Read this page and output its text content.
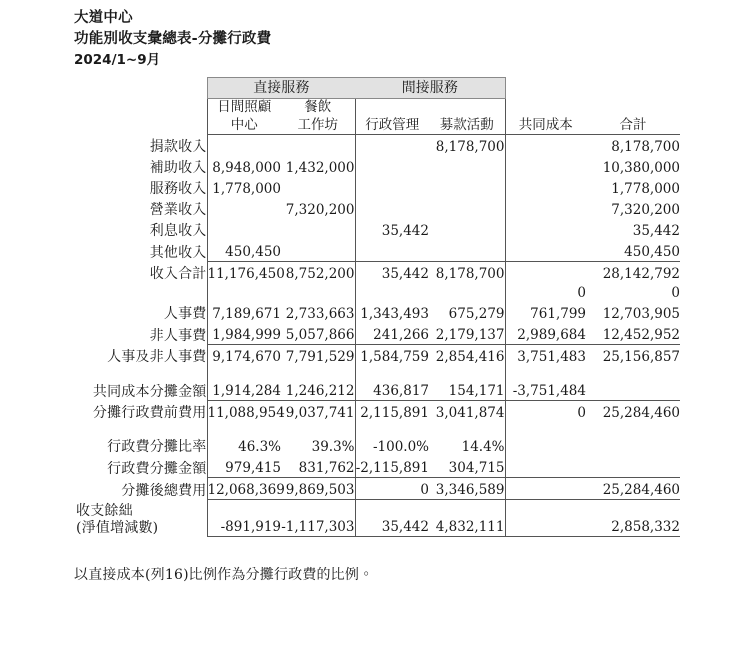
大道中心
功能別收支彙總表-分攤行政費
2024/1~9月
	直接服務		間接服務			
	日間照顧	餐飲				
	中心	工作坊	行政管理	募款活動	共同成本	合計
捐款收入				8,178,700		8,178,700
補助收入	8,948,000	1,432,000				10,380,000
服務收入	1,778,000					1,778,000
營業收入		7,320,200				7,320,200
利息收入			35,442			35,442
其他收入	450,450					450,450
收入合計	11,176,450	8,752,200	35,442	8,178,700		28,142,792
					0	0
人事費	7,189,671	2,733,663	1,343,493	675,279	761,799	12,703,905
非人事費	1,984,999	5,057,866	241,266	2,179,137	2,989,684	12,452,952
人事及非人事費	9,174,670	7,791,529	1,584,759	2,854,416	3,751,483	25,156,857

共同成本分攤金額	1,914,284	1,246,212	436,817	154,171	-3,751,484	
分攤行政費前費用	11,088,954	9,037,741	2,115,891	3,041,874	0	25,284,460

行政費分攤比率	46.3%	39.3%	-100.0%	14.4%		
行政費分攤金額	979,415	831,762	-2,115,891	304,715		
分攤後總費用	12,068,369	9,869,503	0	3,346,589		25,284,460

收支餘絀
(淨值增減數)	-891,919	-1,117,303	35,442	4,832,111		2,858,332
以直接成本(列16)比例作為分攤行政費的比例。
